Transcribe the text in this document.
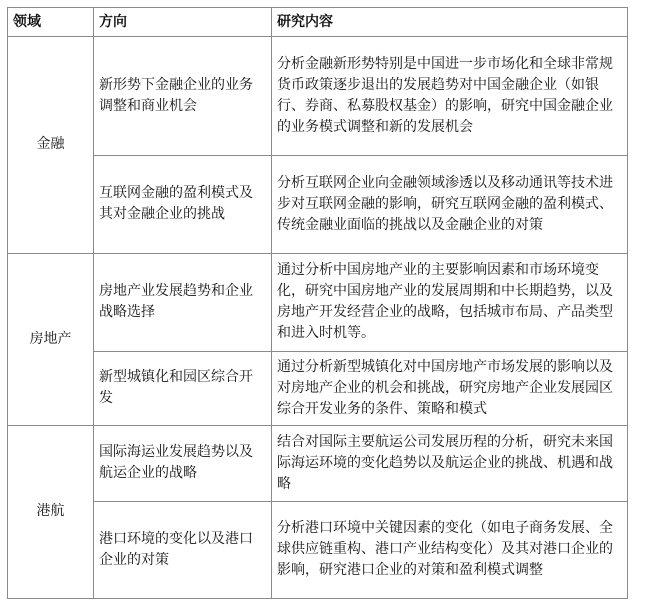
领域	方向	研究内容
金融	新形势下金融企业的业务调整和商业机会	分析金融新形势特别是中国进一步市场化和全球非常规货币政策逐步退出的发展趋势对中国金融企业（如银行、券商、私募股权基金）的影响，研究中国金融企业的业务模式调整和新的发展机会
	互联网金融的盈利模式及其对金融企业的挑战	分析互联网企业向金融领域渗透以及移动通讯等技术进步对互联网金融的影响，研究互联网金融的盈利模式、传统金融业面临的挑战以及金融企业的对策
房地产	房地产业发展趋势和企业战略选择	通过分析中国房地产业的主要影响因素和市场环境变化，研究中国房地产业的发展周期和中长期趋势，以及房地产开发经营企业的战略，包括城市布局、产品类型和进入时机等。
	新型城镇化和园区综合开发	通过分析新型城镇化对中国房地产市场发展的影响以及对房地产企业的机会和挑战，研究房地产企业发展园区综合开发业务的条件、策略和模式
港航	国际海运业发展趋势以及航运企业的战略	结合对国际主要航运公司发展历程的分析，研究未来国际海运环境的变化趋势以及航运企业的挑战、机遇和战略
	港口环境的变化以及港口企业的对策	分析港口环境中关键因素的变化（如电子商务发展、全球供应链重构、港口产业结构变化）及其对港口企业的影响，研究港口企业的对策和盈利模式调整
